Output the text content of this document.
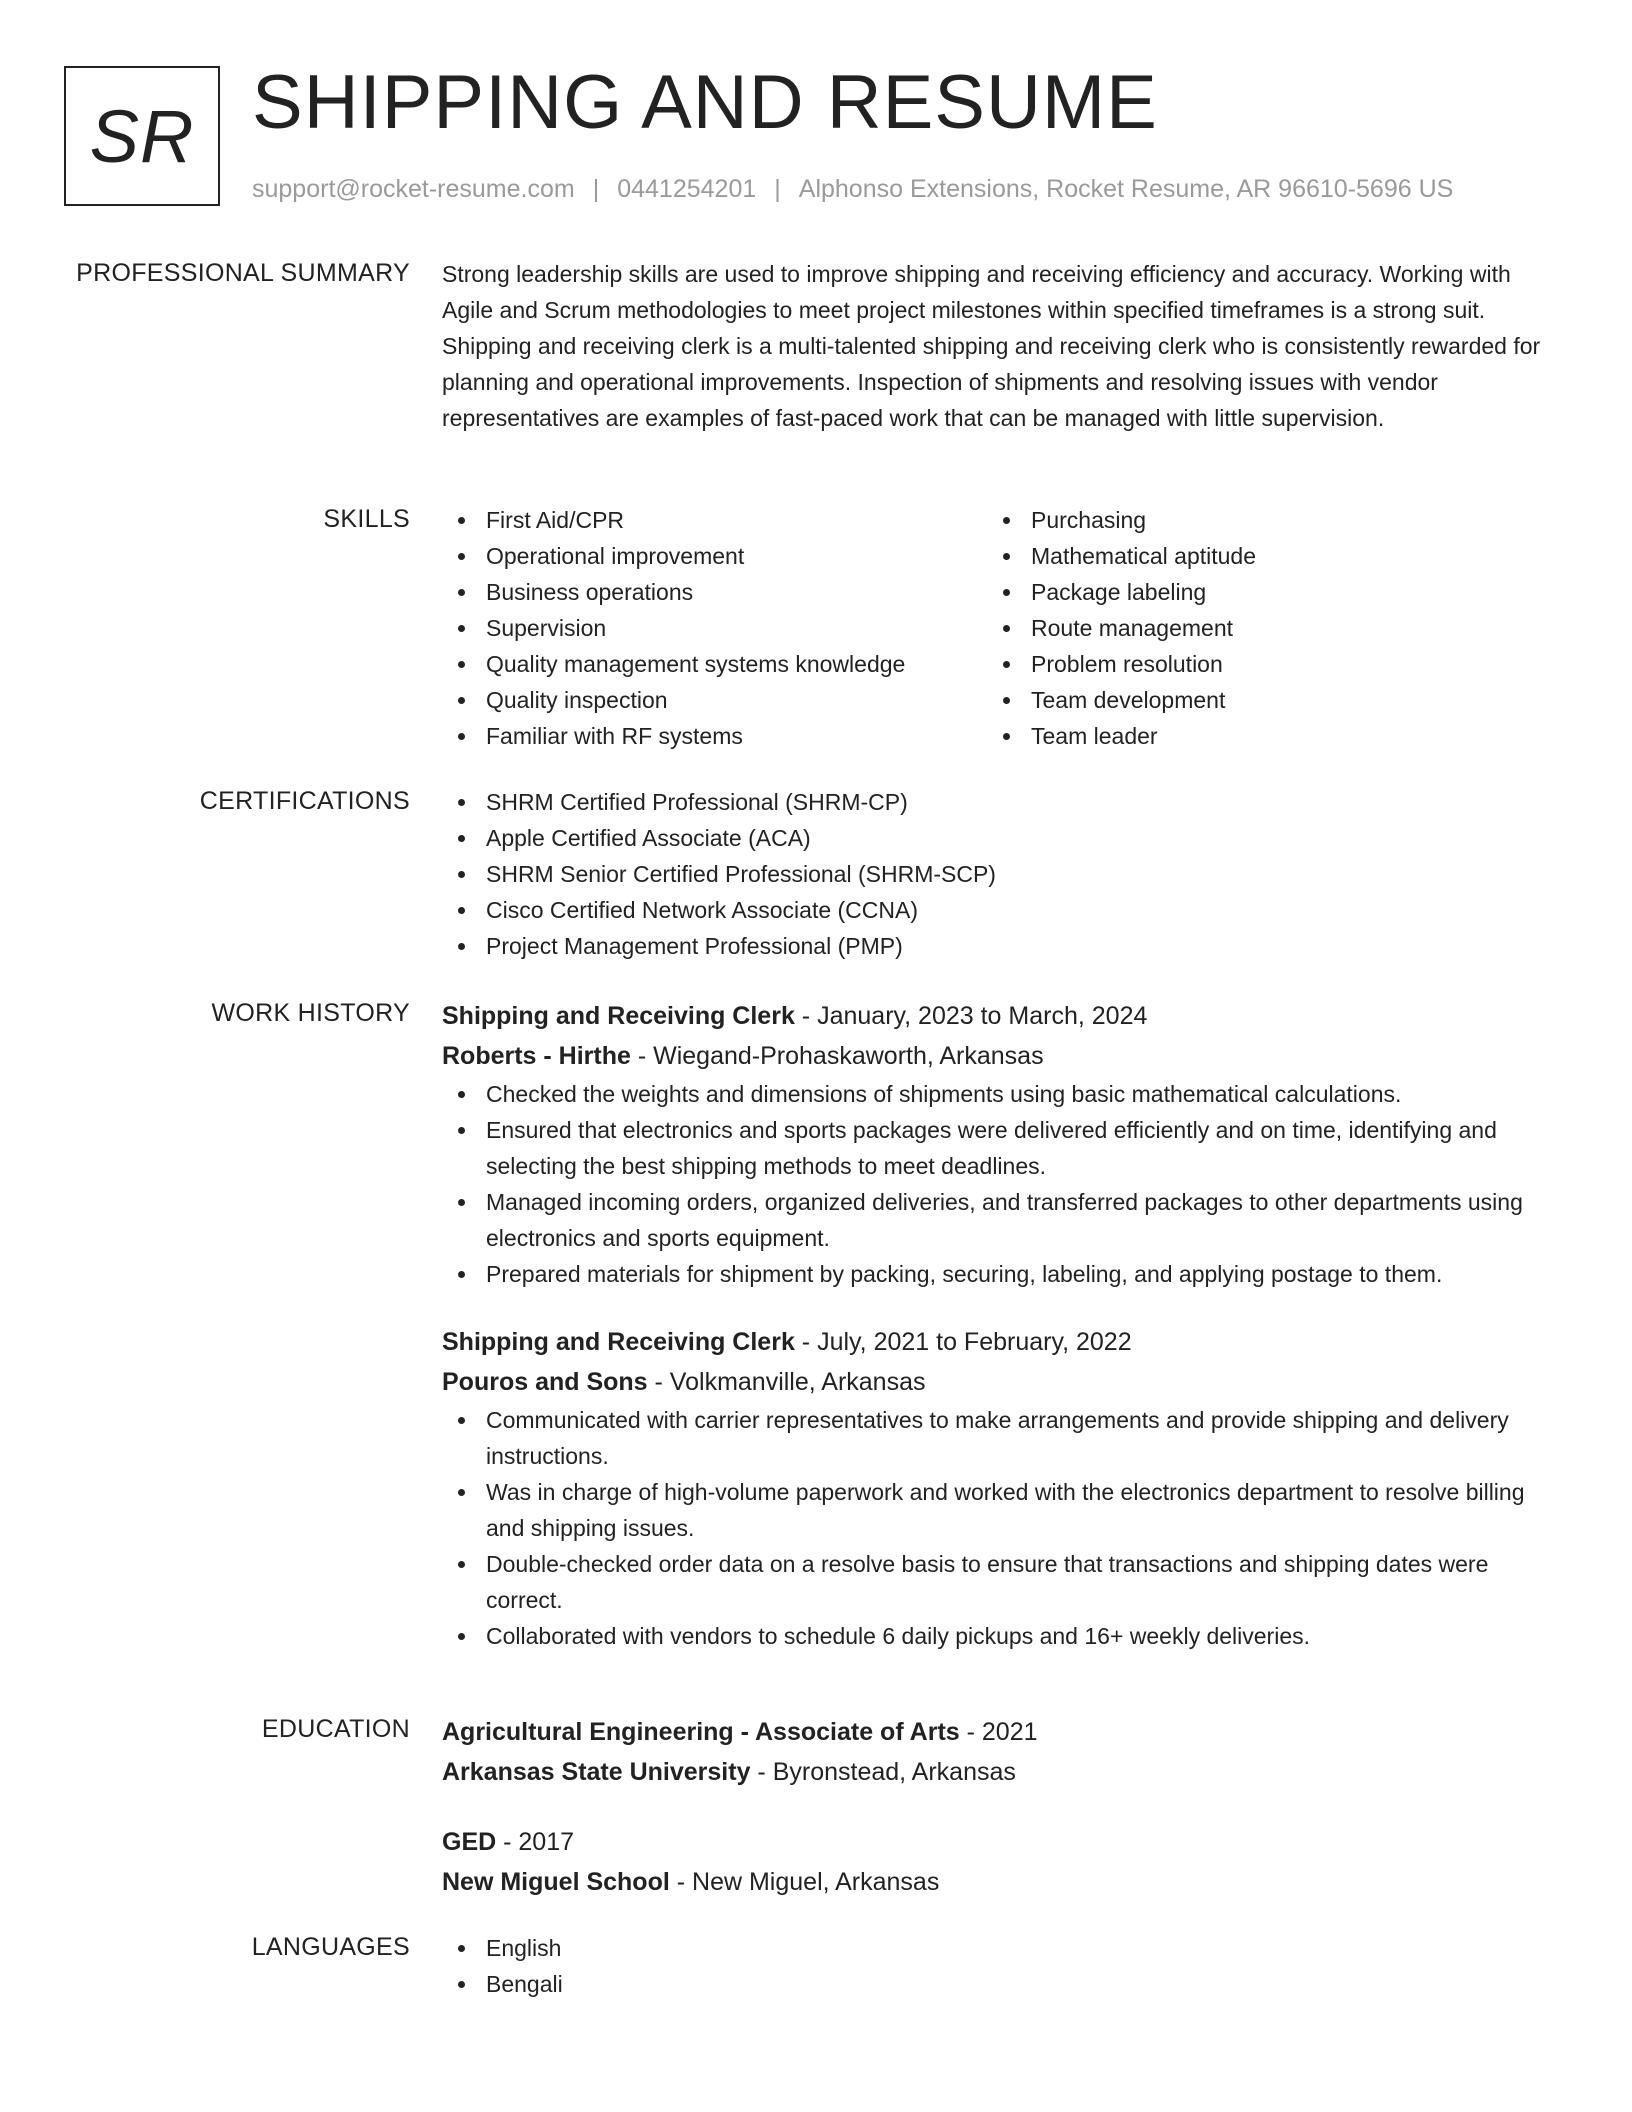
SR SHIPPING AND RESUME
support@rocket-resume.com | 0441254201 | Alphonso Extensions, Rocket Resume, AR 96610-5696 US
PROFESSIONAL SUMMARY Strong leadership skills are used to improve shipping and receiving efficiency and accuracy. Working with Agile and Scrum methodologies to meet project milestones within specified timeframes is a strong suit. Shipping and receiving clerk is a multi-talented shipping and receiving clerk who is consistently rewarded for planning and operational improvements. Inspection of shipments and resolving issues with vendor representatives are examples of fast-paced work that can be managed with little supervision.

SKILLS	First Aid/CPR
Operational improvement
Business operations
Supervision
Quality management systems knowledge
Quality inspection
Familiar with RF systems
Purchasing
Mathematical aptitude
Package labeling
Route management
Problem resolution
Team development
Team leader
CERTIFICATIONS	SHRM Certified Professional (SHRM-CP)
Apple Certified Associate (ACA)
SHRM Senior Certified Professional (SHRM-SCP)
Cisco Certified Network Associate (CCNA)
Project Management Professional (PMP)
WORK HISTORY Shipping and Receiving Clerk - January, 2023 to March, 2024
Roberts - Hirthe - Wiegand-Prohaskaworth, Arkansas
Checked the weights and dimensions of shipments using basic mathematical calculations.
Ensured that electronics and sports packages were delivered efficiently and on time, identifying and selecting the best shipping methods to meet deadlines.
Managed incoming orders, organized deliveries, and transferred packages to other departments using electronics and sports equipment.
Prepared materials for shipment by packing, securing, labeling, and applying postage to them.
Shipping and Receiving Clerk - July, 2021 to February, 2022
Pouros and Sons - Volkmanville, Arkansas
Communicated with carrier representatives to make arrangements and provide shipping and delivery instructions.
Was in charge of high-volume paperwork and worked with the electronics department to resolve billing and shipping issues.
Double-checked order data on a resolve basis to ensure that transactions and shipping dates were correct.
Collaborated with vendors to schedule 6 daily pickups and 16+ weekly deliveries.
EDUCATION Agricultural Engineering - Associate of Arts - 2021
Arkansas State University - Byronstead, Arkansas
GED - 2017
New Miguel School - New Miguel, Arkansas
LANGUAGES	English
Bengali
